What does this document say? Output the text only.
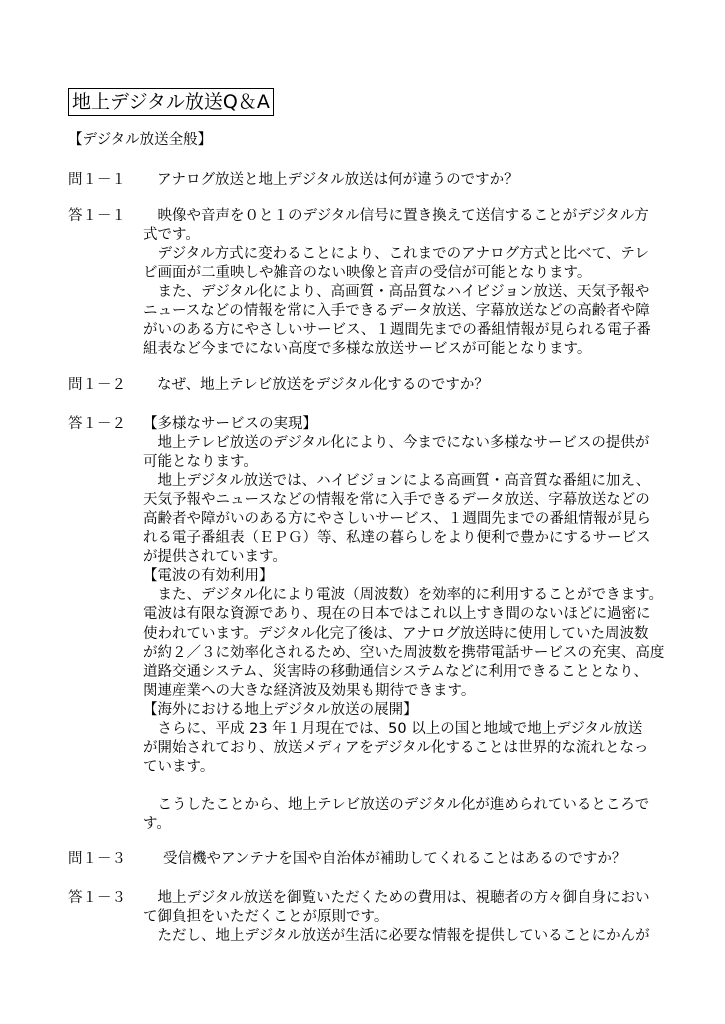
地上デジタル放送Q＆A
【デジタル放送全般】
問１－１ アナログ放送と地上デジタル放送は何が違うのですか？
答１－１	映像や音声を０と１のデジタル信号に置き換えて送信することがデジタル方
式です。
デジタル方式に変わることにより、これまでのアナログ方式と比べて、テレ
ビ画面が二重映しや雑音のない映像と音声の受信が可能となります。
また、デジタル化により、高画質・高品質なハイビジョン放送、天気予報や
ニュースなどの情報を常に入手できるデータ放送、字幕放送などの高齢者や障
がいのある方にやさしいサービス、１週間先までの番組情報が見られる電子番
組表など今までにない高度で多様な放送サービスが可能となります。
問１－２ なぜ、地上テレビ放送をデジタル化するのですか？
答１－２ 【多様なサービスの実現】
地上テレビ放送のデジタル化により、今までにない多様なサービスの提供が
可能となります。
地上デジタル放送では、ハイビジョンによる高画質・高音質な番組に加え、
天気予報やニュースなどの情報を常に入手できるデータ放送、字幕放送などの
高齢者や障がいのある方にやさしいサービス、１週間先までの番組情報が見ら
れる電子番組表（ＥＰＧ）等、私達の暮らしをより便利で豊かにするサービス
が提供されています。
【電波の有効利用】
また、デジタル化により電波（周波数）を効率的に利用することができます。
電波は有限な資源であり、現在の日本ではこれ以上すき間のないほどに過密に
使われています。デジタル化完了後は、アナログ放送時に使用していた周波数
が約２／３に効率化されるため、空いた周波数を携帯電話サービスの充実、高度
道路交通システム、災害時の移動通信システムなどに利用できることとなり、
関連産業への大きな経済波及効果も期待できます。
【海外における地上デジタル放送の展開】
さらに、平成 23 年１月現在では、50 以上の国と地域で地上デジタル放送
が開始されており、放送メディアをデジタル化することは世界的な流れとなっ
ています。
こうしたことから、地上テレビ放送のデジタル化が進められているところで
す。
問１－３	受信機やアンテナを国や自治体が補助してくれることはあるのですか？
答１－３	地上デジタル放送を御覧いただくための費用は、視聴者の方々御自身におい
て御負担をいただくことが原則です。
ただし、地上デジタル放送が生活に必要な情報を提供していることにかんが
